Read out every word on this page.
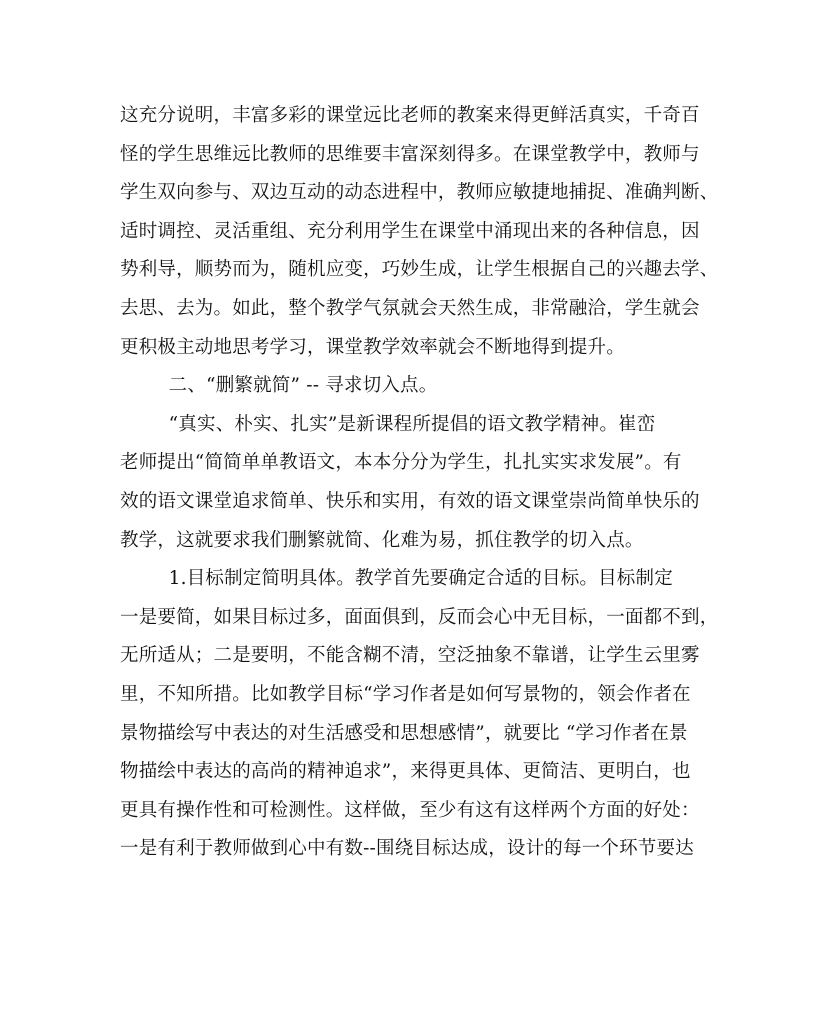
这充分说明，丰富多彩的课堂远比老师的教案来得更鲜活真实，千奇百
怪的学生思维远比教师的思维要丰富深刻得多。在课堂教学中，教师与
学生双向参与、双边互动的动态进程中，教师应敏捷地捕捉、准确判断、
适时调控、灵活重组、充分利用学生在课堂中涌现出来的各种信息，因
势利导，顺势而为，随机应变，巧妙生成，让学生根据自己的兴趣去学、
去思、去为。如此，整个教学气氛就会天然生成，非常融洽，学生就会
更积极主动地思考学习，课堂教学效率就会不断地得到提升。

二、“删繁就简” -- 寻求切入点。

“真实、朴实、扎实”是新课程所提倡的语文教学精神。崔峦
老师提出“简简单单教语文，本本分分为学生，扎扎实实求发展”。有
效的语文课堂追求简单、快乐和实用，有效的语文课堂崇尚简单快乐的
教学，这就要求我们删繁就简、化难为易，抓住教学的切入点。

1.目标制定简明具体。教学首先要确定合适的目标。目标制定
一是要简，如果目标过多，面面俱到，反而会心中无目标，一面都不到，
无所适从；二是要明，不能含糊不清，空泛抽象不靠谱，让学生云里雾
里，不知所措。比如教学目标“学习作者是如何写景物的，领会作者在
景物描绘写中表达的对生活感受和思想感情”，就要比 “学习作者在景
物描绘中表达的高尚的精神追求”，来得更具体、更简洁、更明白，也
更具有操作性和可检测性。这样做，至少有这有这样两个方面的好处：
一是有利于教师做到心中有数--围绕目标达成，设计的每一个环节要达
